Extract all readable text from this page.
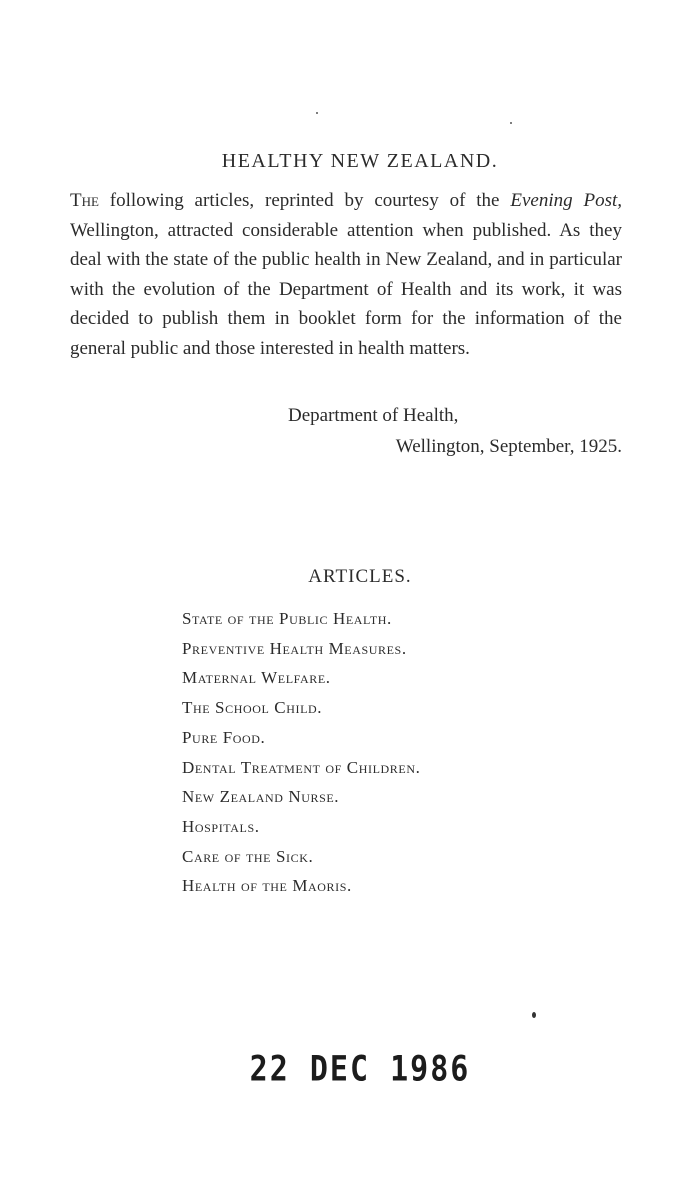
HEALTHY NEW ZEALAND.

The following articles, reprinted by courtesy of the Evening Post, Wellington, attracted considerable attention when published. As they deal with the state of the public health in New Zealand, and in particular with the evolution of the Department of Health and its work, it was decided to publish them in booklet form for the information of the general public and those interested in health matters.

Department of Health,
Wellington, September, 1925.
ARTICLES.
State of the Public Health.
Preventive Health Measures.
Maternal Welfare.
The School Child.
Pure Food.
Dental Treatment of Children.
New Zealand Nurse.
Hospitals.
Care of the Sick.
Health of the Maoris.
22 DEC 1986
